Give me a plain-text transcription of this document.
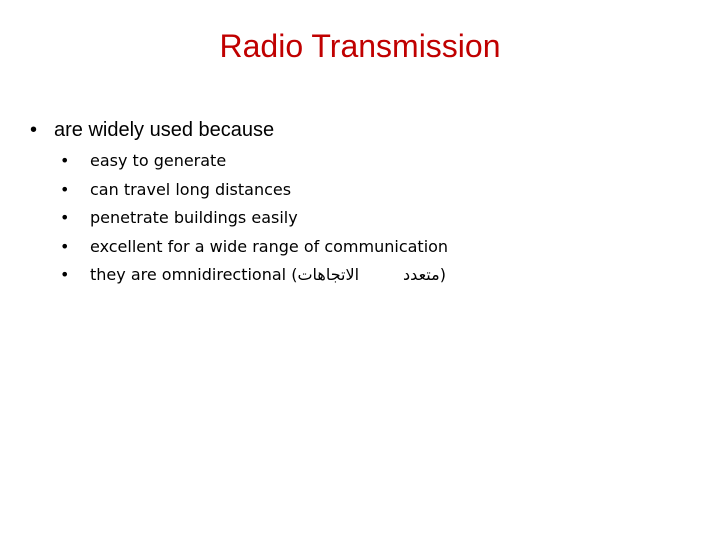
Radio Transmission
• are widely used because
•	easy to generate
•	can travel long distances
•	penetrate buildings easily
•	excellent for a wide range of communication
•	they are omnidirectional (الاتجاهات	متعدد)
